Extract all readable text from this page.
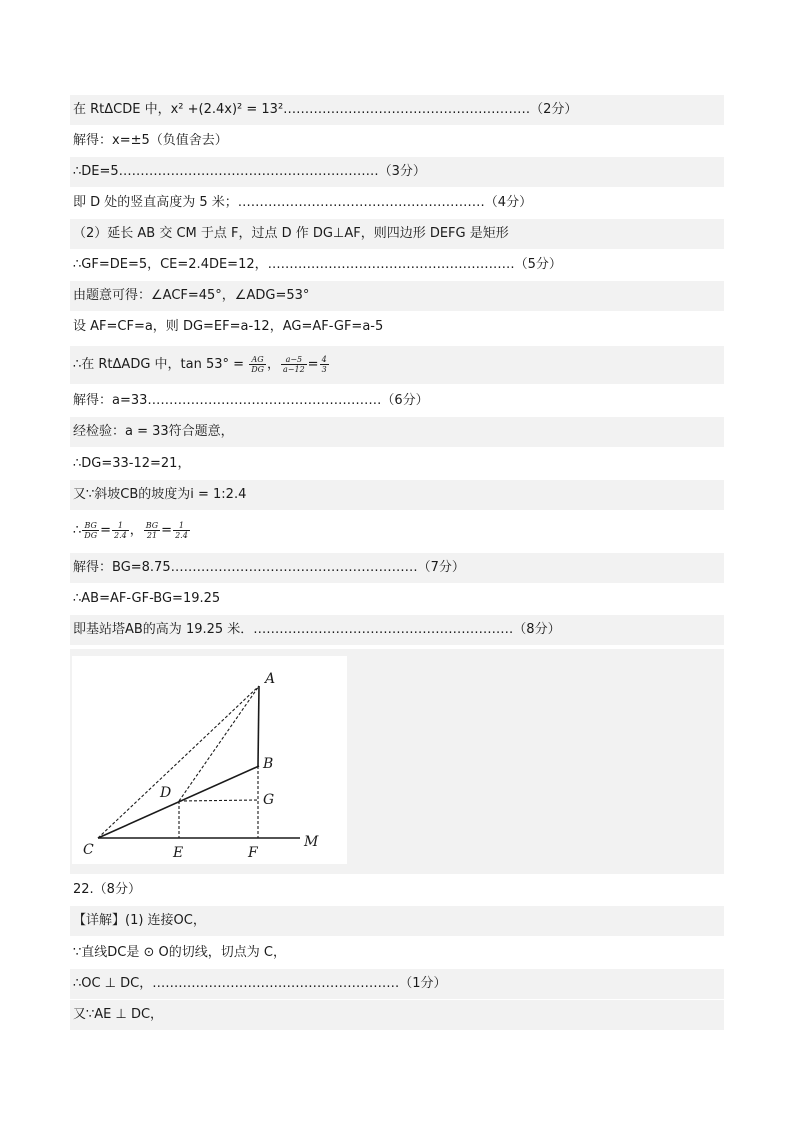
在 RtΔCDE 中，x² +(2.4x)² = 13²…………………………………………………（2分）
解得：x=±5（负值舍去）
∴DE=5……………………………………………………（3分）
即 D 处的竖直高度为 5 米；…………………………………………………（4分）
（2）延长 AB 交 CM 于点 F，过点 D 作 DG⊥AF，则四边形 DEFG 是矩形
∴GF=DE=5，CE=2.4DE=12，…………………………………………………（5分）
由题意可得：∠ACF=45°，∠ADG=53°
设 AF=CF=a，则 DG=EF=a-12，AG=AF-GF=a-5
∴在 RtΔADG 中，$\tan 53^\circ = \frac{AG}{DG}$ ， $\frac{a-5}{a-12} = \frac{4}{3}$
解得：a=33………………………………………………（6分）
经检验：a = 33符合题意，
∴DG=33-12=21，
又∵斜坡CB的坡度为i = 1:2.4
∴ $\frac{BG}{DG} = \frac{1}{2.4}$ ， $\frac{BG}{21} = \frac{1}{2.4}$
解得：BG=8.75…………………………………………………（7分）
∴AB=AF-GF-BG=19.25
即基站塔AB的高为 19.25 米．……………………………………………………（8分）
A
B
C
D
E	F
G
M
22.（8分）
【详解】(1) 连接OC，
∵直线DC是 ⊙ O的切线，切点为 C，
∴OC ⊥ DC，…………………………………………………（1分）
又∵AE ⊥ DC，
